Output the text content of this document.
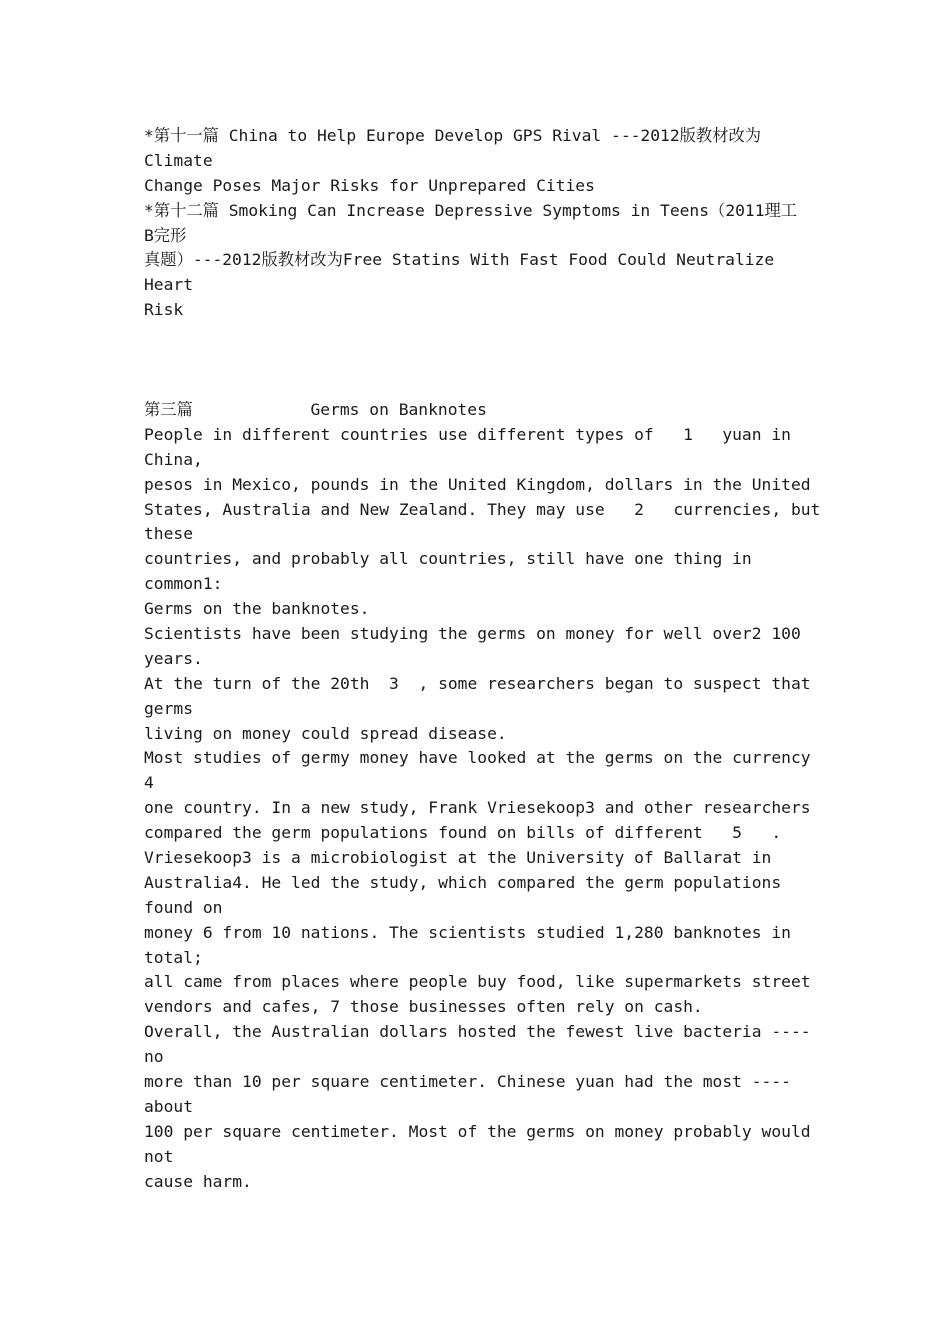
*第十一篇 China to Help Europe Develop GPS Rival ---2012版教材改为
Climate
Change Poses Major Risks for Unprepared Cities
*第十二篇 Smoking Can Increase Depressive Symptoms in Teens（2011理工
B完形
真题）---2012版教材改为Free Statins With Fast Food Could Neutralize
Heart
Risk
第三篇            Germs on Banknotes
People in different countries use different types of   1   yuan in
China,
pesos in Mexico, pounds in the United Kingdom, dollars in the United
States, Australia and New Zealand. They may use   2   currencies, but
these
countries, and probably all countries, still have one thing in
common1:
Germs on the banknotes.
Scientists have been studying the germs on money for well over2 100
years.
At the turn of the 20th  3  , some researchers began to suspect that
germs
living on money could spread disease.
Most studies of germy money have looked at the germs on the currency
4
one country. In a new study, Frank Vriesekoop3 and other researchers
compared the germ populations found on bills of different   5   .
Vriesekoop3 is a microbiologist at the University of Ballarat in
Australia4. He led the study, which compared the germ populations
found on
money 6 from 10 nations. The scientists studied 1,280 banknotes in
total;
all came from places where people buy food, like supermarkets street
vendors and cafes, 7 those businesses often rely on cash.
Overall, the Australian dollars hosted the fewest live bacteria ----
no
more than 10 per square centimeter. Chinese yuan had the most ----
about
100 per square centimeter. Most of the germs on money probably would
not
cause harm.
